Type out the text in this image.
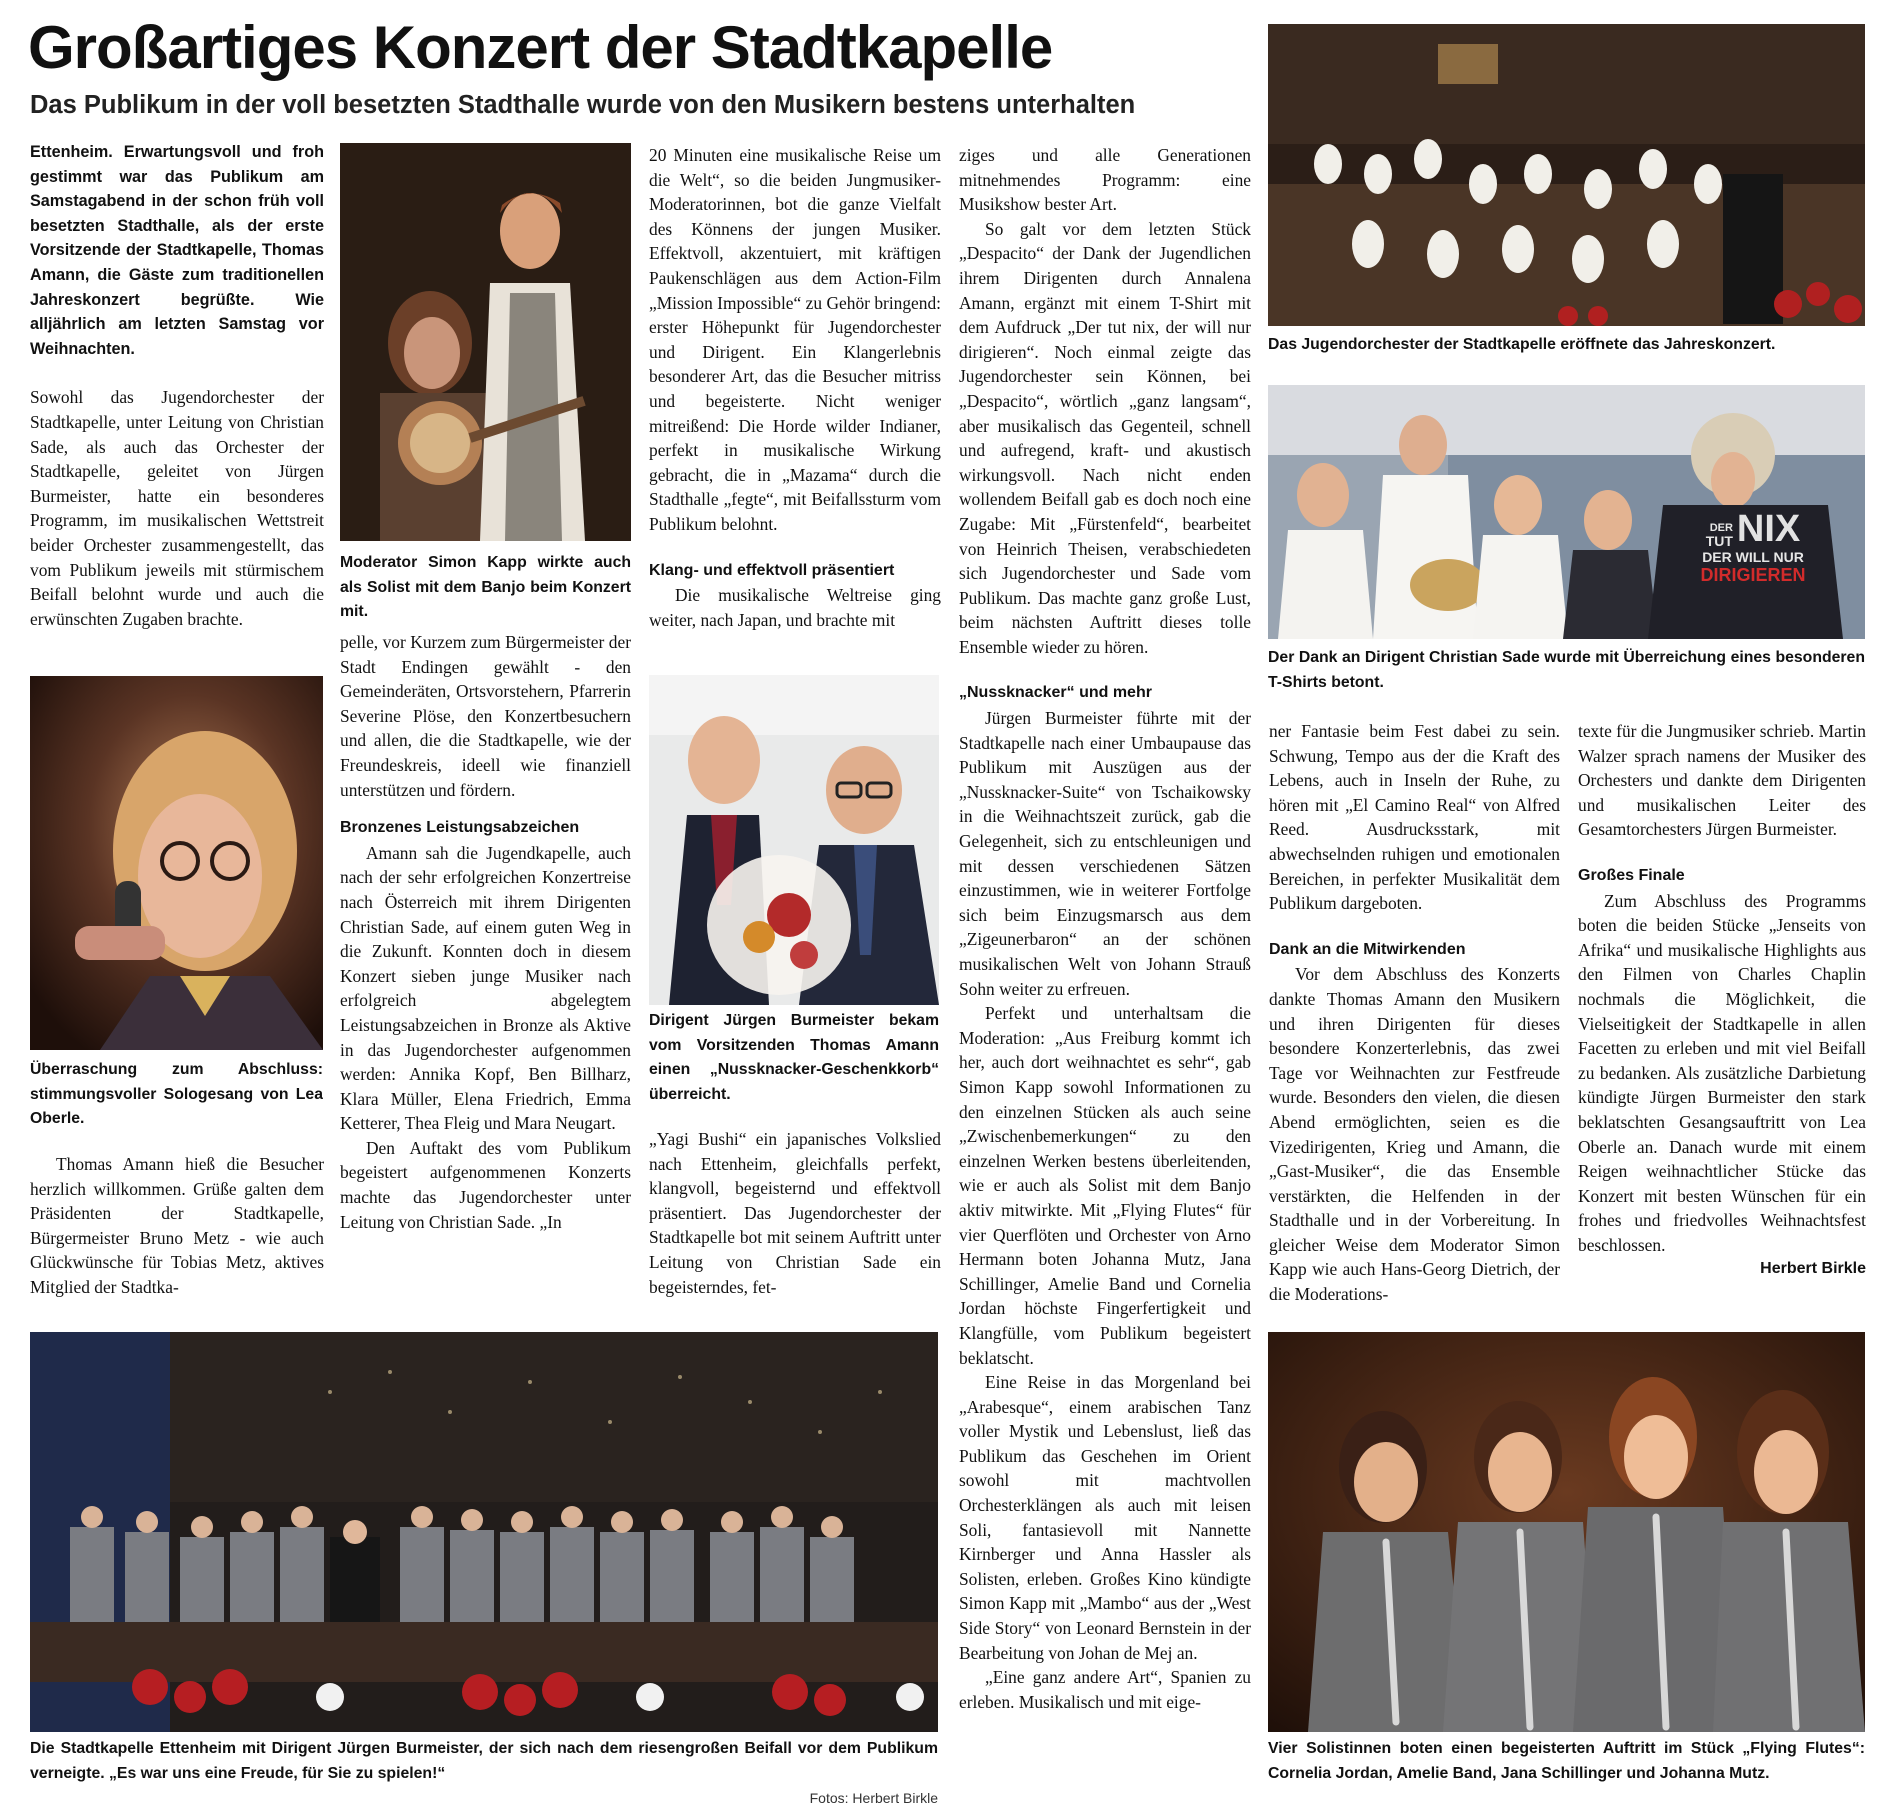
Großartiges Konzert der Stadtkapelle
Das Publikum in der voll besetzten Stadthalle wurde von den Musikern bestens unterhalten

Ettenheim. Erwartungsvoll und froh gestimmt war das Publikum am Samstagabend in der schon früh voll besetzten Stadthalle, als der erste Vorsitzende der Stadtkapelle, Thomas Amann, die Gäste zum traditionellen Jahreskonzert begrüßte. Wie alljährlich am letzten Samstag vor Weihnachten.

Sowohl das Jugendorchester der Stadtkapelle, unter Leitung von Christian Sade, als auch das Orchester der Stadtkapelle, geleitet von Jürgen Burmeister, hatte ein besonderes Programm, im musikalischen Wettstreit beider Orchester zusammengestellt, das vom Publikum jeweils mit stürmischem Beifall belohnt wurde und auch die erwünschten Zugaben brachte.

Überraschung zum Abschluss: stimmungsvoller Sologesang von Lea Oberle.

Thomas Amann hieß die Besucher herzlich willkommen. Grüße galten dem Präsidenten der Stadtkapelle, Bürgermeister Bruno Metz - wie auch Glückwünsche für Tobias Metz, aktives Mitglied der Stadtka-

Moderator Simon Kapp wirkte auch als Solist mit dem Banjo beim Konzert mit.

pelle, vor Kurzem zum Bürgermeister der Stadt Endingen gewählt - den Gemeinderäten, Ortsvorstehern, Pfarrerin Severine Plöse, den Konzertbesuchern und allen, die die Stadtkapelle, wie der Freundeskreis, ideell wie finanziell unterstützen und fördern.

Bronzenes Leistungsabzeichen

Amann sah die Jugendkapelle, auch nach der sehr erfolgreichen Konzertreise nach Österreich mit ihrem Dirigenten Christian Sade, auf einem guten Weg in die Zukunft. Konnten doch in diesem Konzert sieben junge Musiker nach erfolgreich abgelegtem Leistungsabzeichen in Bronze als Aktive in das Jugendorchester aufgenommen werden: Annika Kopf, Ben Billharz, Klara Müller, Elena Friedrich, Emma Ketterer, Thea Fleig und Mara Neugart.

Den Auftakt des vom Publikum begeistert aufgenommenen Konzerts machte das Jugendorchester unter Leitung von Christian Sade. „In

20 Minuten eine musikalische Reise um die Welt“, so die beiden Jungmusiker-Moderatorinnen, bot die ganze Vielfalt des Könnens der jungen Musiker. Effektvoll, akzentuiert, mit kräftigen Paukenschlägen aus dem Action-Film „Mission Impossible“ zu Gehör bringend: erster Höhepunkt für Jugendorchester und Dirigent. Ein Klangerlebnis besonderer Art, das die Besucher mitriss und begeisterte. Nicht weniger mitreißend: Die Horde wilder Indianer, perfekt in musikalische Wirkung gebracht, die in „Mazama“ durch die Stadthalle „fegte“, mit Beifallssturm vom Publikum belohnt.

Klang- und effektvoll präsentiert

Die musikalische Weltreise ging weiter, nach Japan, und brachte mit

Dirigent Jürgen Burmeister bekam vom Vorsitzenden Thomas Amann einen „Nussknacker-Geschenkkorb“ überreicht.

„Yagi Bushi“ ein japanisches Volkslied nach Ettenheim, gleichfalls perfekt, klangvoll, begeisternd und effektvoll präsentiert. Das Jugendorchester der Stadtkapelle bot mit seinem Auftritt unter Leitung von Christian Sade ein begeisterndes, fet-

ziges und alle Generationen mitnehmendes Programm: eine Musikshow bester Art.

So galt vor dem letzten Stück „Despacito“ der Dank der Jugendlichen ihrem Dirigenten durch Annalena Amann, ergänzt mit einem T-Shirt mit dem Aufdruck „Der tut nix, der will nur dirigieren“. Noch einmal zeigte das Jugendorchester sein Können, bei „Despacito“, wörtlich „ganz langsam“, aber musikalisch das Gegenteil, schnell und aufregend, kraft- und akustisch wirkungsvoll. Nach nicht enden wollendem Beifall gab es doch noch eine Zugabe: Mit „Fürstenfeld“, bearbeitet von Heinrich Theisen, verabschiedeten sich Jugendorchester und Sade vom Publikum. Das machte ganz große Lust, beim nächsten Auftritt dieses tolle Ensemble wieder zu hören.

„Nussknacker“ und mehr

Jürgen Burmeister führte mit der Stadtkapelle nach einer Umbaupause das Publikum mit Auszügen aus der „Nussknacker-Suite“ von Tschaikowsky in die Weihnachtszeit zurück, gab die Gelegenheit, sich zu entschleunigen und mit dessen verschiedenen Sätzen einzustimmen, wie in weiterer Fortfolge sich beim Einzugsmarsch aus dem „Zigeunerbaron“ an der schönen musikalischen Welt von Johann Strauß Sohn weiter zu erfreuen.

Perfekt und unterhaltsam die Moderation: „Aus Freiburg kommt ich her, auch dort weihnachtet es sehr“, gab Simon Kapp sowohl Informationen zu den einzelnen Stücken als auch seine „Zwischenbemerkungen“ zu den einzelnen Werken bestens überleitenden, wie er auch als Solist mit dem Banjo aktiv mitwirkte. Mit „Flying Flutes“ für vier Querflöten und Orchester von Arno Hermann boten Johanna Mutz, Jana Schillinger, Amelie Band und Cornelia Jordan höchste Fingerfertigkeit und Klangfülle, vom Publikum begeistert beklatscht.

Eine Reise in das Morgenland bei „Arabesque“, einem arabischen Tanz voller Mystik und Lebenslust, ließ das Publikum das Geschehen im Orient sowohl mit machtvollen Orchesterklängen als auch mit leisen Soli, fantasievoll mit Nannette Kirnberger und Anna Hassler als Solisten, erleben. Großes Kino kündigte Simon Kapp mit „Mambo“ aus der „West Side Story“ von Leonard Bernstein in der Bearbeitung von Johan de Mej an.

„Eine ganz andere Art“, Spanien zu erleben. Musikalisch und mit eige-

Das Jugendorchester der Stadtkapelle eröffnete das Jahreskonzert.
DER
TUT NIX
DER WILL NUR
DIRIGIEREN
Der Dank an Dirigent Christian Sade wurde mit Überreichung eines besonderen T-Shirts betont.

ner Fantasie beim Fest dabei zu sein. Schwung, Tempo aus der die Kraft des Lebens, auch in Inseln der Ruhe, zu hören mit „El Camino Real“ von Alfred Reed. Ausdrucksstark, mit abwechselnden ruhigen und emotionalen Bereichen, in perfekter Musikalität dem Publikum dargeboten.

Dank an die Mitwirkenden

Vor dem Abschluss des Konzerts dankte Thomas Amann den Musikern und ihren Dirigenten für dieses besondere Konzerterlebnis, das zwei Tage vor Weihnachten zur Festfreude wurde. Besonders den vielen, die diesen Abend ermöglichten, seien es die Vizedirigenten, Krieg und Amann, die „Gast-Musiker“, die das Ensemble verstärkten, die Helfenden in der Stadthalle und in der Vorbereitung. In gleicher Weise dem Moderator Simon Kapp wie auch Hans-Georg Dietrich, der die Moderations-

texte für die Jungmusiker schrieb. Martin Walzer sprach namens der Musiker des Orchesters und dankte dem Dirigenten und musikalischen Leiter des Gesamtorchesters Jürgen Burmeister.

Großes Finale

Zum Abschluss des Programms boten die beiden Stücke „Jenseits von Afrika“ und musikalische Highlights aus den Filmen von Charles Chaplin nochmals die Möglichkeit, die Vielseitigkeit der Stadtkapelle in allen Facetten zu erleben und mit viel Beifall zu bedanken. Als zusätzliche Darbietung kündigte Jürgen Burmeister den stark beklatschten Gesangsauftritt von Lea Oberle an. Danach wurde mit einem Reigen weihnachtlicher Stücke das Konzert mit besten Wünschen für ein frohes und friedvolles Weihnachtsfest beschlossen.

Herbert Birkle
Die Stadtkapelle Ettenheim mit Dirigent Jürgen Burmeister, der sich nach dem riesengroßen Beifall vor dem Publikum verneigte. „Es war uns eine Freude, für Sie zu spielen!“
Fotos: Herbert Birkle
Vier Solistinnen boten einen begeisterten Auftritt im Stück „Flying Flutes“: Cornelia Jordan, Amelie Band, Jana Schillinger und Johanna Mutz.
